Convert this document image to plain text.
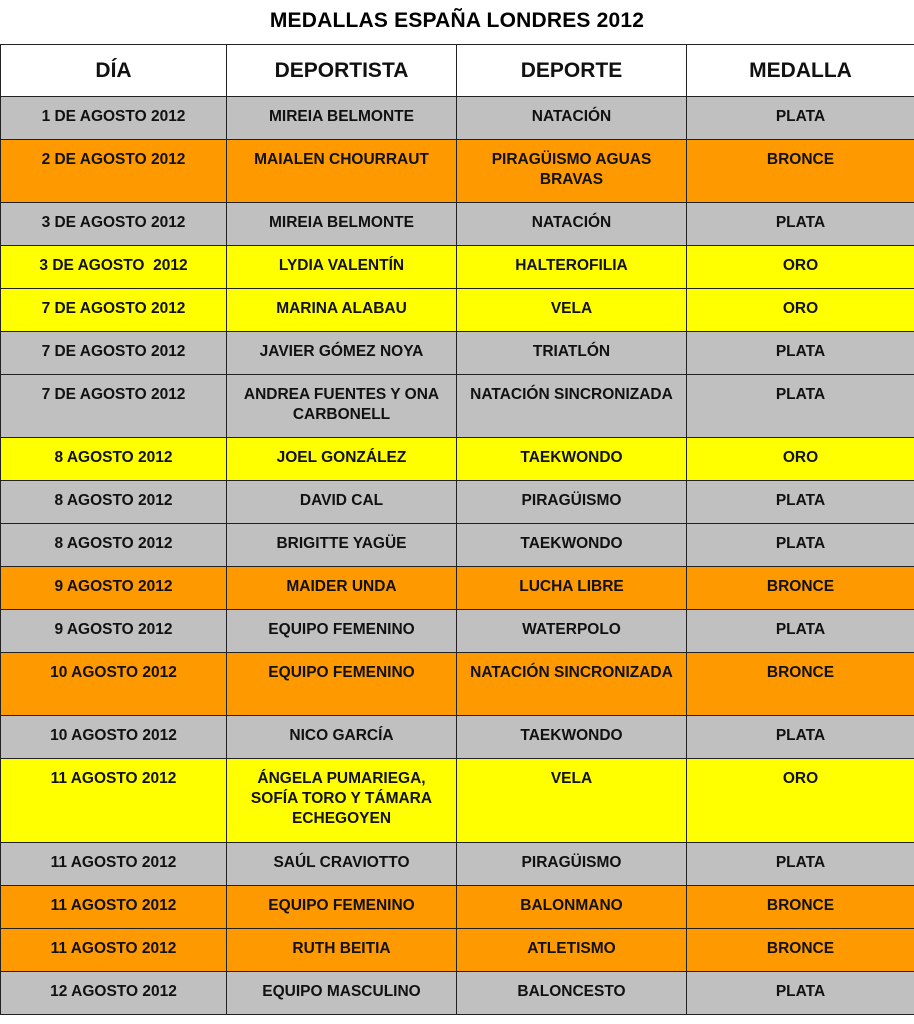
MEDALLAS ESPAÑA LONDRES 2012
DÍA	DEPORTISTA	DEPORTE	MEDALLA
1 DE AGOSTO 2012	MIREIA BELMONTE	NATACIÓN	PLATA
2 DE AGOSTO 2012	MAIALEN CHOURRAUT	PIRAGÜISMO AGUAS BRAVAS	BRONCE
3 DE AGOSTO 2012	MIREIA BELMONTE	NATACIÓN	PLATA
3 DE AGOSTO  2012	LYDIA VALENTÍN	HALTEROFILIA	ORO
7 DE AGOSTO 2012	MARINA ALABAU	VELA	ORO
7 DE AGOSTO 2012	JAVIER GÓMEZ NOYA	TRIATLÓN	PLATA
7 DE AGOSTO 2012	ANDREA FUENTES Y ONA CARBONELL	NATACIÓN SINCRONIZADA	PLATA
8 AGOSTO 2012	JOEL GONZÁLEZ	TAEKWONDO	ORO
8 AGOSTO 2012	DAVID CAL	PIRAGÜISMO	PLATA
8 AGOSTO 2012	BRIGITTE YAGÜE	TAEKWONDO	PLATA
9 AGOSTO 2012	MAIDER UNDA	LUCHA LIBRE	BRONCE
9 AGOSTO 2012	EQUIPO FEMENINO	WATERPOLO	PLATA
10 AGOSTO 2012	EQUIPO FEMENINO	NATACIÓN SINCRONIZADA	BRONCE
10 AGOSTO 2012	NICO GARCÍA	TAEKWONDO	PLATA
11 AGOSTO 2012	ÁNGELA PUMARIEGA, SOFÍA TORO Y TÁMARA ECHEGOYEN	VELA	ORO
11 AGOSTO 2012	SAÚL CRAVIOTTO	PIRAGÜISMO	PLATA
11 AGOSTO 2012	EQUIPO FEMENINO	BALONMANO	BRONCE
11 AGOSTO 2012	RUTH BEITIA	ATLETISMO	BRONCE
12 AGOSTO 2012	EQUIPO MASCULINO	BALONCESTO	PLATA
